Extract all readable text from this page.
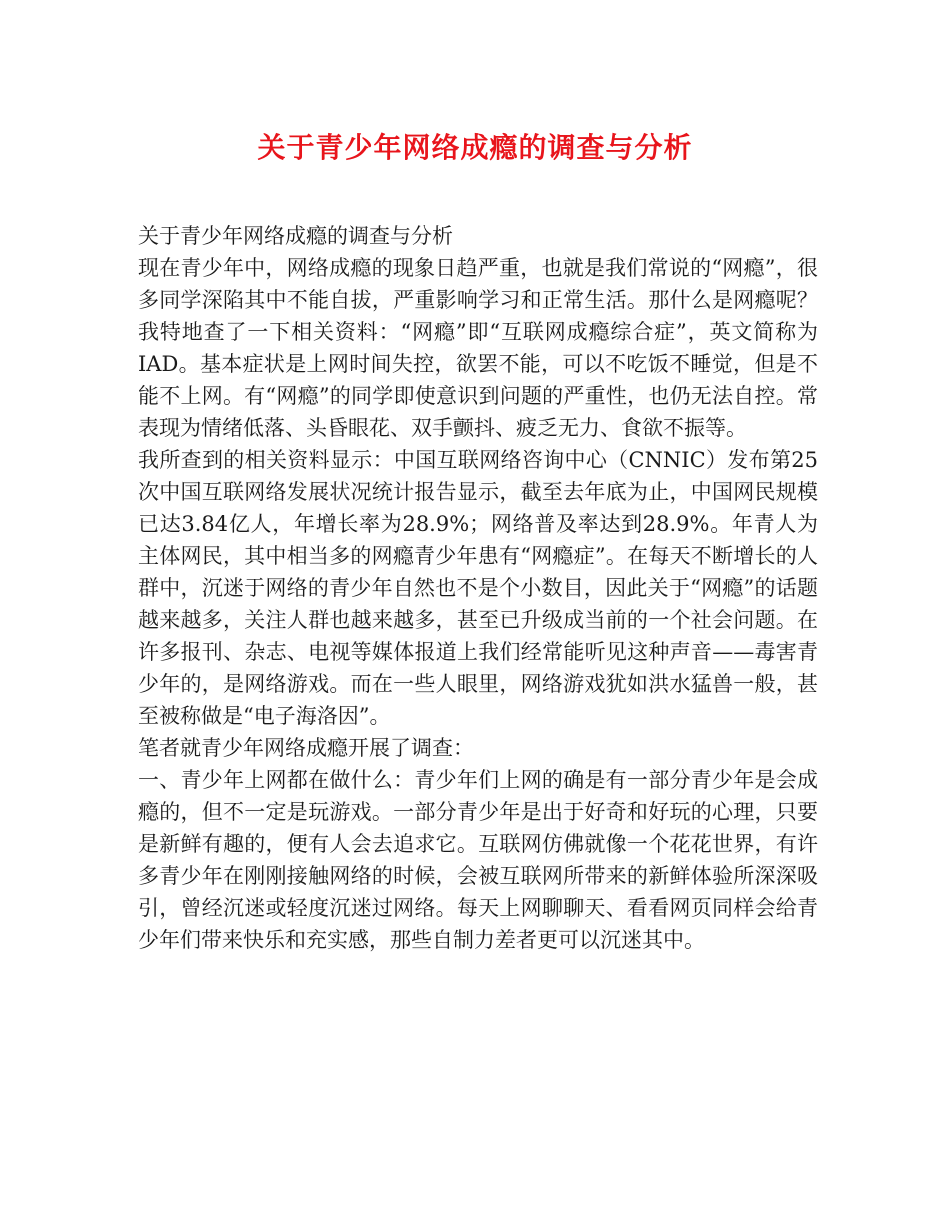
关于青少年网络成瘾的调查与分析

关于青少年网络成瘾的调查与分析

现在青少年中，网络成瘾的现象日趋严重，也就是我们常说的“网瘾”，很多同学深陷其中不能自拔，严重影响学习和正常生活。那什么是网瘾呢？我特地查了一下相关资料：“网瘾”即“互联网成瘾综合症”，英文简称为IAD。基本症状是上网时间失控，欲罢不能，可以不吃饭不睡觉，但是不能不上网。有“网瘾”的同学即使意识到问题的严重性，也仍无法自控。常表现为情绪低落、头昏眼花、双手颤抖、疲乏无力、食欲不振等。

我所查到的相关资料显示：中国互联网络咨询中心（CNNIC）发布第25次中国互联网络发展状况统计报告显示，截至去年底为止，中国网民规模已达3.84亿人，年增长率为28.9%；网络普及率达到28.9%。年青人为主体网民，其中相当多的网瘾青少年患有“网瘾症”。在每天不断增长的人群中，沉迷于网络的青少年自然也不是个小数目，因此关于“网瘾”的话题越来越多，关注人群也越来越多，甚至已升级成当前的一个社会问题。在许多报刊、杂志、电视等媒体报道上我们经常能听见这种声音——毒害青少年的，是网络游戏。而在一些人眼里，网络游戏犹如洪水猛兽一般，甚至被称做是“电子海洛因”。

笔者就青少年网络成瘾开展了调查：

一、青少年上网都在做什么：青少年们上网的确是有一部分青少年是会成瘾的，但不一定是玩游戏。一部分青少年是出于好奇和好玩的心理，只要是新鲜有趣的，便有人会去追求它。互联网仿佛就像一个花花世界，有许多青少年在刚刚接触网络的时候，会被互联网所带来的新鲜体验所深深吸引，曾经沉迷或轻度沉迷过网络。每天上网聊聊天、看看网页同样会给青少年们带来快乐和充实感，那些自制力差者更可以沉迷其中。
